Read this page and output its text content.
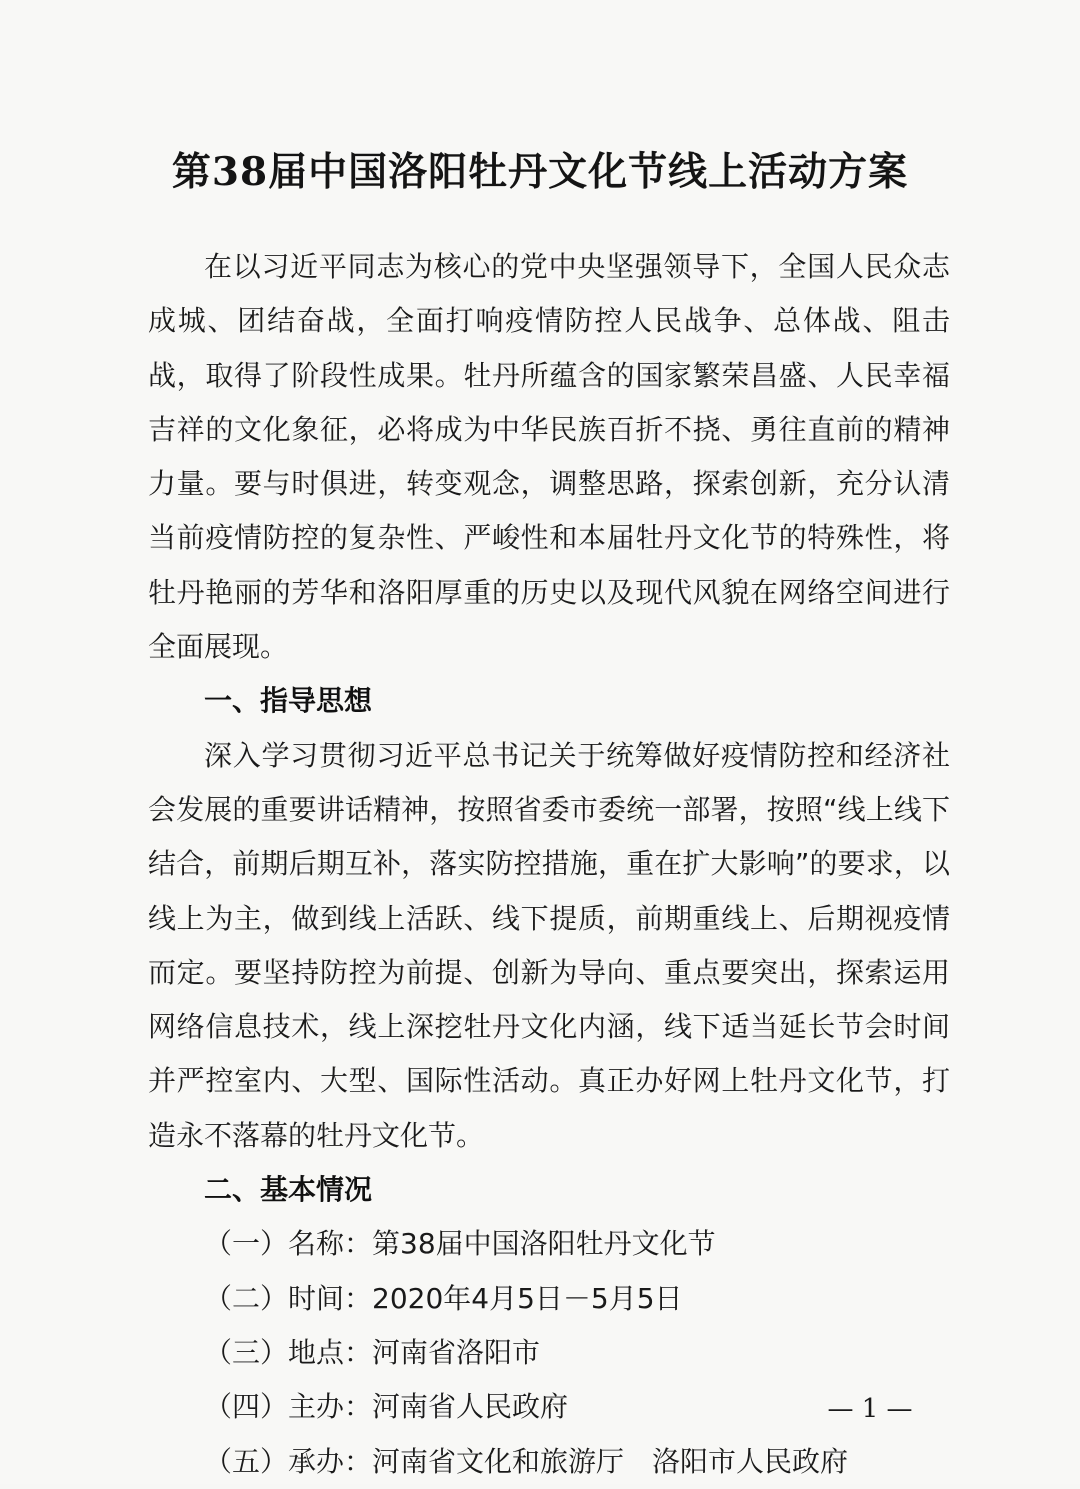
第38届中国洛阳牡丹文化节线上活动方案

在以习近平同志为核心的党中央坚强领导下，全国人民众志成城、团结奋战，全面打响疫情防控人民战争、总体战、阻击战，取得了阶段性成果。牡丹所蕴含的国家繁荣昌盛、人民幸福吉祥的文化象征，必将成为中华民族百折不挠、勇往直前的精神力量。要与时俱进，转变观念，调整思路，探索创新，充分认清当前疫情防控的复杂性、严峻性和本届牡丹文化节的特殊性，将牡丹艳丽的芳华和洛阳厚重的历史以及现代风貌在网络空间进行全面展现。

一、指导思想

深入学习贯彻习近平总书记关于统筹做好疫情防控和经济社会发展的重要讲话精神，按照省委市委统一部署，按照“线上线下结合，前期后期互补，落实防控措施，重在扩大影响”的要求，以线上为主，做到线上活跃、线下提质，前期重线上、后期视疫情而定。要坚持防控为前提、创新为导向、重点要突出，探索运用网络信息技术，线上深挖牡丹文化内涵，线下适当延长节会时间并严控室内、大型、国际性活动。真正办好网上牡丹文化节，打造永不落幕的牡丹文化节。

二、基本情况
（一）名称：第38届中国洛阳牡丹文化节
（二）时间：2020年4月5日－5月5日
（三）地点：河南省洛阳市
（四）主办：河南省人民政府
（五）承办：河南省文化和旅游厅　洛阳市人民政府
— 1 —
